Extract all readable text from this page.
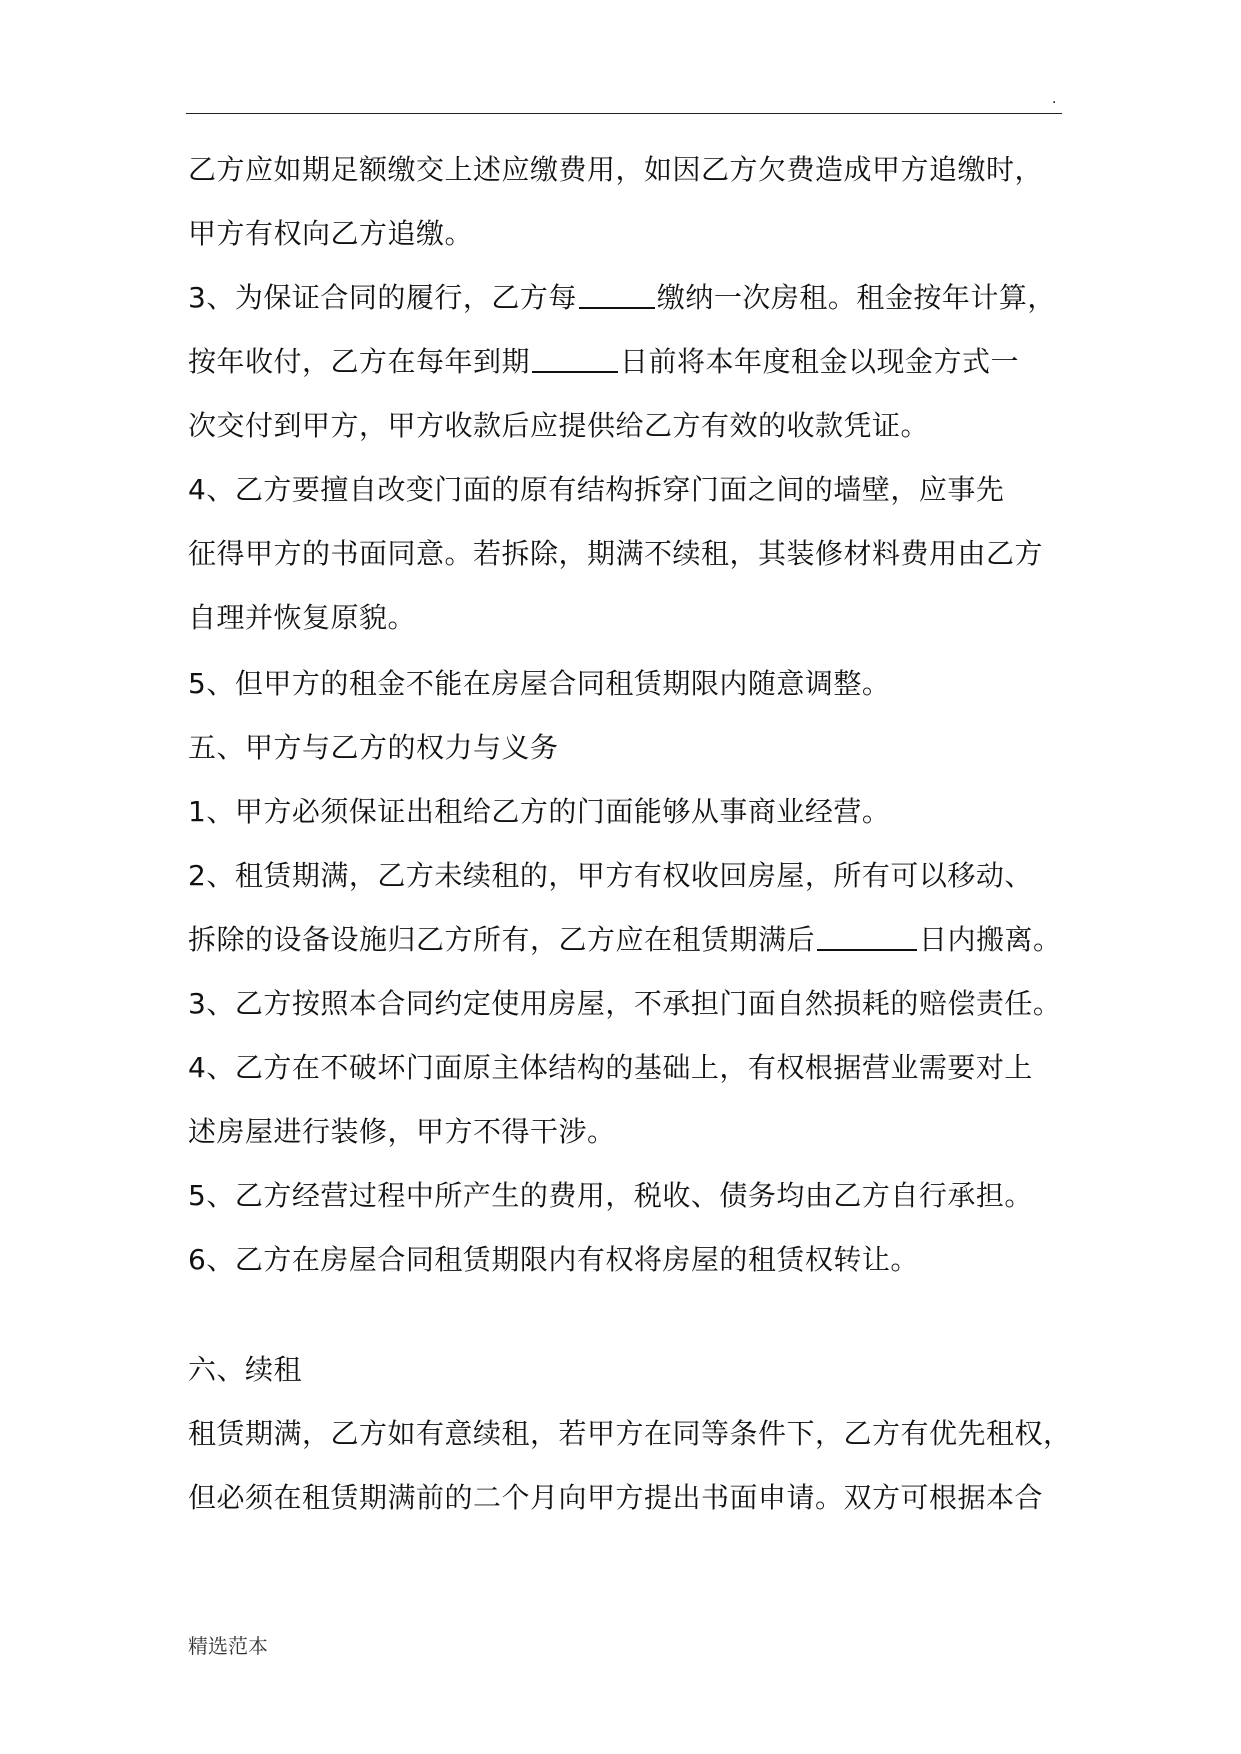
.
乙方应如期足额缴交上述应缴费用，如因乙方欠费造成甲方追缴时，
甲方有权向乙方追缴。
3、为保证合同的履行，乙方每	缴纳一次房租。租金按年计算，
按年收付，乙方在每年到期	日前将本年度租金以现金方式一
次交付到甲方，甲方收款后应提供给乙方有效的收款凭证。
4、乙方要擅自改变门面的原有结构拆穿门面之间的墙壁，应事先
征得甲方的书面同意。若拆除，期满不续租，其装修材料费用由乙方
自理并恢复原貌。
5、但甲方的租金不能在房屋合同租赁期限内随意调整。
五、甲方与乙方的权力与义务
1、甲方必须保证出租给乙方的门面能够从事商业经营。
2、租赁期满，乙方未续租的，甲方有权收回房屋，所有可以移动、
拆除的设备设施归乙方所有，乙方应在租赁期满后	日内搬离。
3、乙方按照本合同约定使用房屋，不承担门面自然损耗的赔偿责任。
4、乙方在不破坏门面原主体结构的基础上，有权根据营业需要对上
述房屋进行装修，甲方不得干涉。
5、乙方经营过程中所产生的费用，税收、债务均由乙方自行承担。
6、乙方在房屋合同租赁期限内有权将房屋的租赁权转让。
六、续租
租赁期满，乙方如有意续租，若甲方在同等条件下，乙方有优先租权，
但必须在租赁期满前的二个月向甲方提出书面申请。双方可根据本合
精选范本
